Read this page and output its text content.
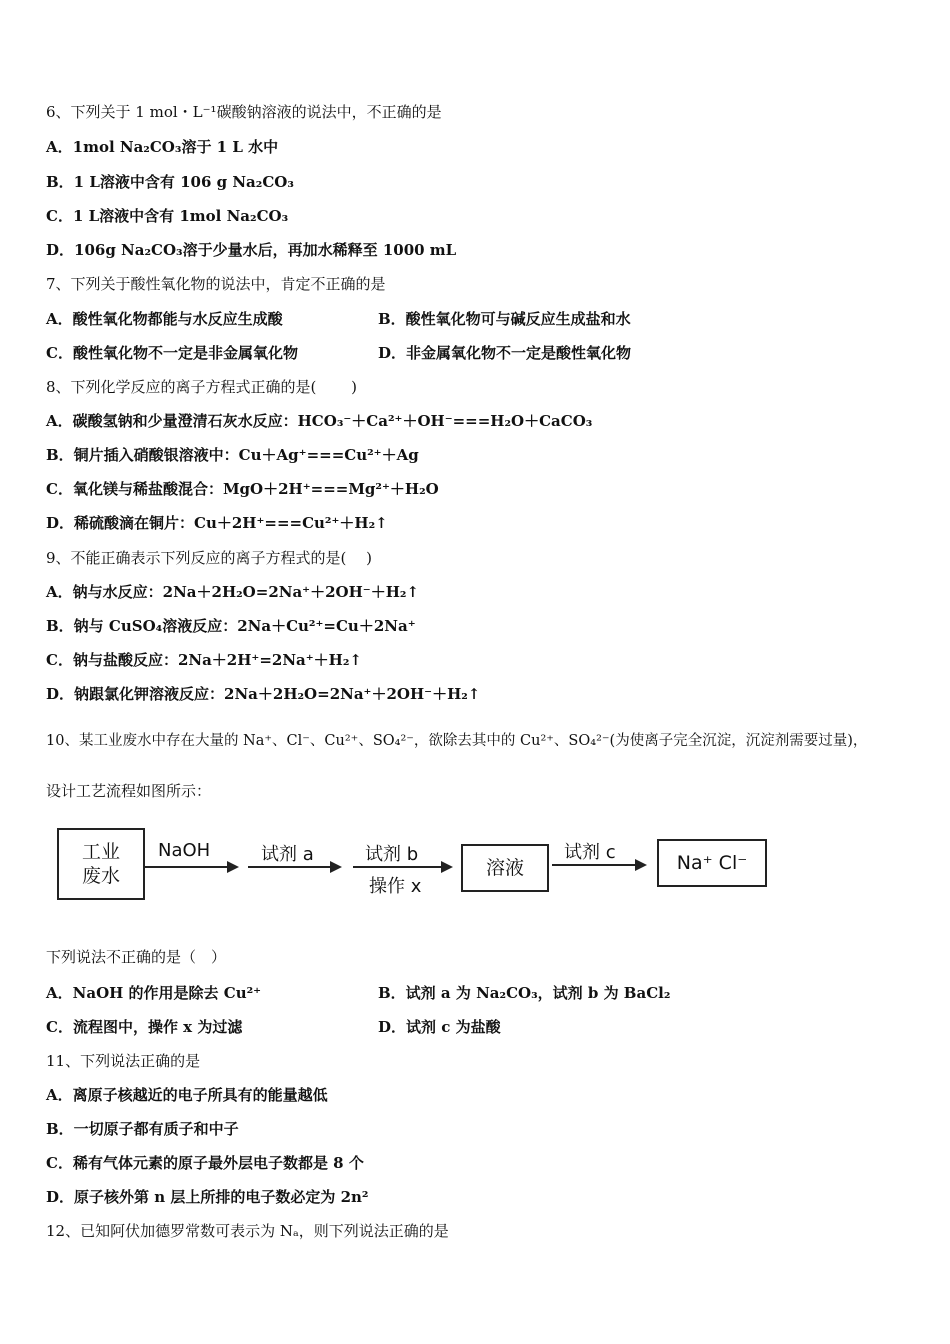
6、下列关于 1 mol・L⁻¹碳酸钠溶液的说法中，不正确的是
A．1mol Na₂CO₃溶于 1 L 水中
B．1 L溶液中含有 106 g Na₂CO₃
C．1 L溶液中含有 1mol Na₂CO₃
D．106g Na₂CO₃溶于少量水后，再加水稀释至 1000 mL
7、下列关于酸性氧化物的说法中，肯定不正确的是
A．酸性氧化物都能与水反应生成酸	B．酸性氧化物可与碱反应生成盐和水
C．酸性氧化物不一定是非金属氧化物	D．非金属氧化物不一定是酸性氧化物
8、下列化学反应的离子方程式正确的是(　　 )
A．碳酸氢钠和少量澄清石灰水反应：HCO₃⁻＋Ca²⁺＋OH⁻===H₂O＋CaCO₃
B．铜片插入硝酸银溶液中：Cu＋Ag⁺===Cu²⁺＋Ag
C．氧化镁与稀盐酸混合：MgO＋2H⁺===Mg²⁺＋H₂O
D．稀硫酸滴在铜片：Cu＋2H⁺===Cu²⁺＋H₂↑
9、不能正确表示下列反应的离子方程式的是(　 )
A．钠与水反应：2Na＋2H₂O=2Na⁺＋2OH⁻＋H₂↑
B．钠与 CuSO₄溶液反应：2Na＋Cu²⁺=Cu＋2Na⁺
C．钠与盐酸反应：2Na＋2H⁺=2Na⁺＋H₂↑
D．钠跟氯化钾溶液反应：2Na＋2H₂O=2Na⁺＋2OH⁻＋H₂↑
10、某工业废水中存在大量的 Na⁺、Cl⁻、Cu²⁺、SO₄²⁻，欲除去其中的 Cu²⁺、SO₄²⁻(为使离子完全沉淀，沉淀剂需要过量)，
设计工艺流程如图所示：
工业
废水
NaOH	试剂 a	试剂 b
操作 x
溶液
试剂 c	Na⁺ Cl⁻
下列说法不正确的是（　）
A．NaOH 的作用是除去 Cu²⁺	B．试剂 a 为 Na₂CO₃，试剂 b 为 BaCl₂
C．流程图中，操作 x 为过滤	D．试剂 c 为盐酸
11、下列说法正确的是
A．离原子核越近的电子所具有的能量越低
B．一切原子都有质子和中子
C．稀有气体元素的原子最外层电子数都是 8 个
D．原子核外第 n 层上所排的电子数必定为 2n²
12、已知阿伏加德罗常数可表示为 Nₐ，则下列说法正确的是
